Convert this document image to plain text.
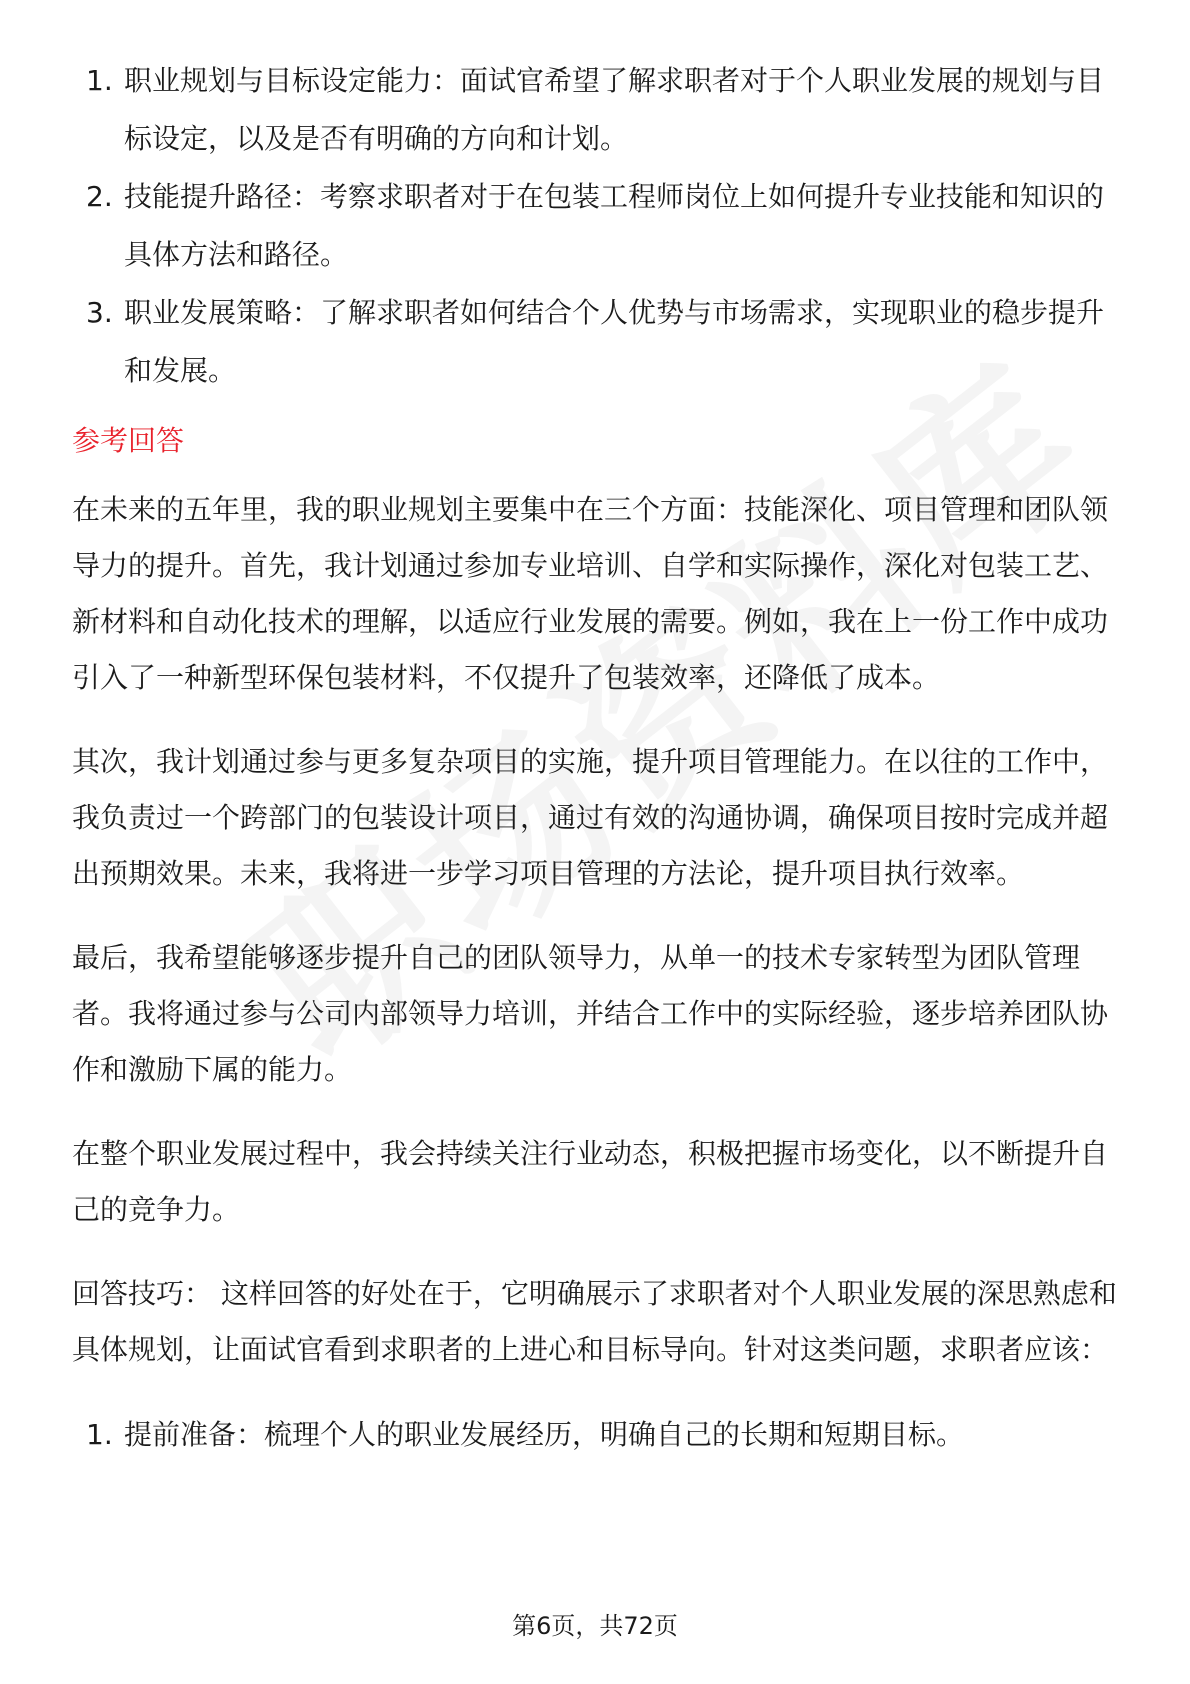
1. 职业规划与目标设定能力：面试官希望了解求职者对于个人职业发展的规划与目标设定，以及是否有明确的方向和计划。
2. 技能提升路径：考察求职者对于在包装工程师岗位上如何提升专业技能和知识的具体方法和路径。
3. 职业发展策略：了解求职者如何结合个人优势与市场需求，实现职业的稳步提升和发展。
参考回答

在未来的五年里，我的职业规划主要集中在三个方面：技能深化、项目管理和团队领导力的提升。首先，我计划通过参加专业培训、自学和实际操作，深化对包装工艺、新材料和自动化技术的理解，以适应行业发展的需要。例如，我在上一份工作中成功引入了一种新型环保包装材料，不仅提升了包装效率，还降低了成本。

其次，我计划通过参与更多复杂项目的实施，提升项目管理能力。在以往的工作中，我负责过一个跨部门的包装设计项目，通过有效的沟通协调，确保项目按时完成并超出预期效果。未来，我将进一步学习项目管理的方法论，提升项目执行效率。

最后，我希望能够逐步提升自己的团队领导力，从单一的技术专家转型为团队管理者。我将通过参与公司内部领导力培训，并结合工作中的实际经验，逐步培养团队协作和激励下属的能力。

在整个职业发展过程中，我会持续关注行业动态，积极把握市场变化，以不断提升自己的竞争力。

回答技巧： 这样回答的好处在于，它明确展示了求职者对个人职业发展的深思熟虑和具体规划，让面试官看到求职者的上进心和目标导向。针对这类问题，求职者应该：

1. 提前准备：梳理个人的职业发展经历，明确自己的长期和短期目标。
第6页，共72页
